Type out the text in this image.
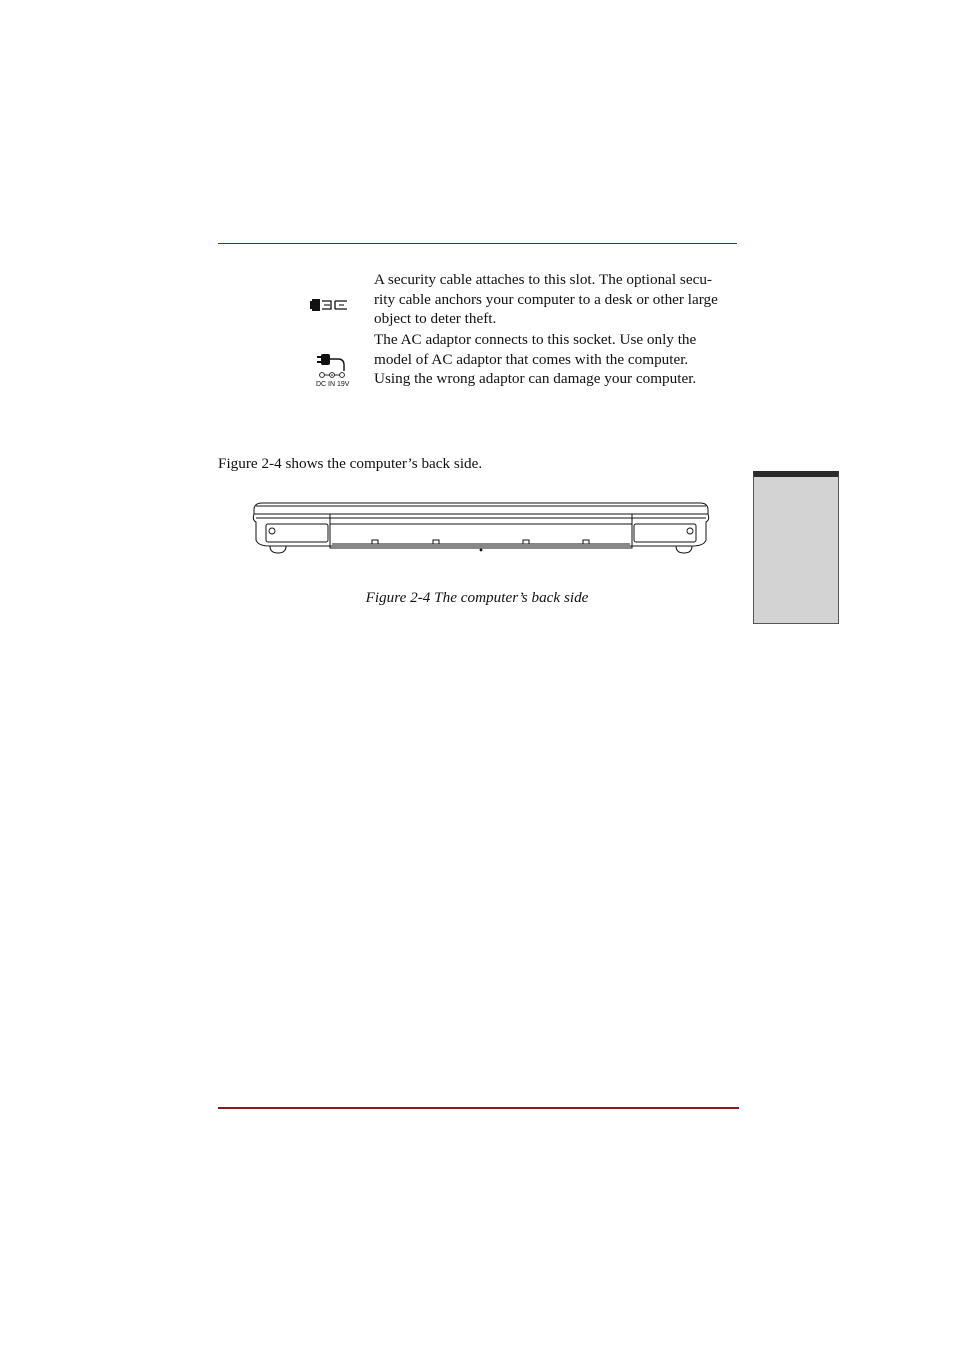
A security cable attaches to this slot. The optional secu-
rity cable anchors your computer to a desk or other large
object to deter theft.
DC IN 19V
The AC adaptor connects to this socket. Use only the
model of AC adaptor that comes with the computer.
Using the wrong adaptor can damage your computer.
Figure 2-4 shows the computer’s back side.
Figure 2-4 The computer’s back side
